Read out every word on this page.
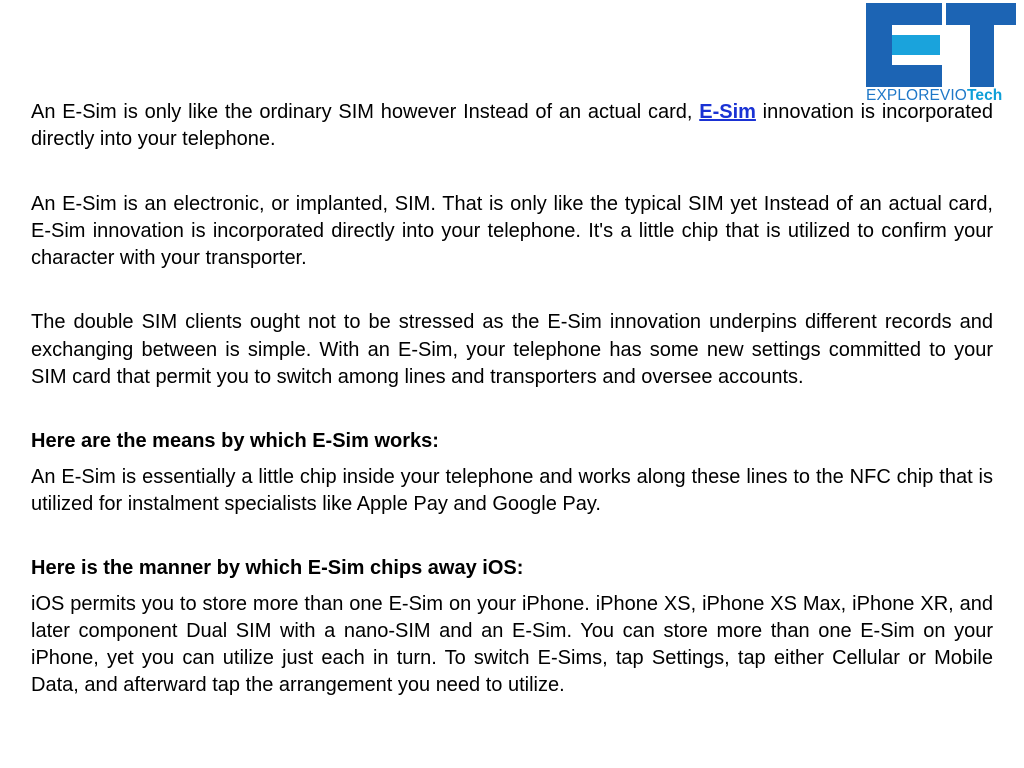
EXPLOREVIOTech

An E-Sim is only like the ordinary SIM however Instead of an actual card, E-Sim innovation is incorporated directly into your telephone.

An E-Sim is an electronic, or implanted, SIM. That is only like the typical SIM yet Instead of an actual card, E-Sim innovation is incorporated directly into your telephone. It's a little chip that is utilized to confirm your character with your transporter.

The double SIM clients ought not to be stressed as the E-Sim innovation underpins different records and exchanging between is simple. With an E-Sim, your telephone has some new settings committed to your SIM card that permit you to switch among lines and transporters and oversee accounts.

Here are the means by which E-Sim works:

An E-Sim is essentially a little chip inside your telephone and works along these lines to the NFC chip that is utilized for instalment specialists like Apple Pay and Google Pay.

Here is the manner by which E-Sim chips away iOS:

iOS permits you to store more than one E-Sim on your iPhone. iPhone XS, iPhone XS Max, iPhone XR, and later component Dual SIM with a nano-SIM and an E-Sim. You can store more than one E-Sim on your iPhone, yet you can utilize just each in turn. To switch E-Sims, tap Settings, tap either Cellular or Mobile Data, and afterward tap the arrangement you need to utilize.
